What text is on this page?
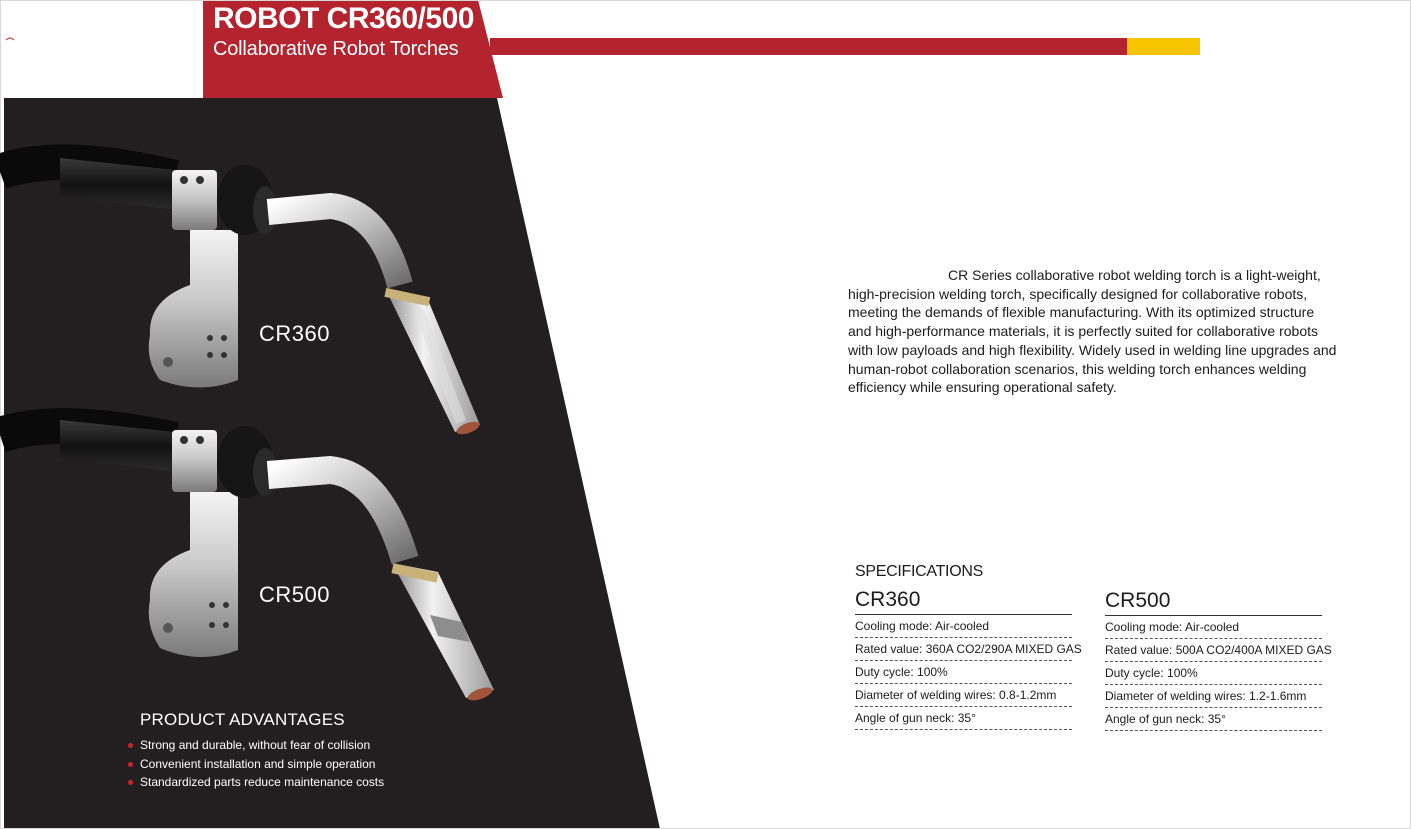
ROBOT CR360/500
Collaborative Robot Torches
CR360
CR500
PRODUCT ADVANTAGES
Strong and durable, without fear of collision
Convenient installation and simple operation
Standardized parts reduce maintenance costs
CR Series collaborative robot welding torch is a light-weight, high-precision welding torch, specifically designed for collaborative robots, meeting the demands of flexible manufacturing. With its optimized structure and high-performance materials, it is perfectly suited for collaborative robots with low payloads and high flexibility. Widely used in welding line upgrades and human-robot collaboration scenarios, this welding torch enhances welding efficiency while ensuring operational safety.
SPECIFICATIONS
CR360
Cooling mode: Air-cooled
Rated value: 360A CO2/290A MIXED GAS
Duty cycle: 100%
Diameter of welding wires: 0.8-1.2mm
Angle of gun neck: 35°
CR500
Cooling mode: Air-cooled
Rated value: 500A CO2/400A MIXED GAS
Duty cycle: 100%
Diameter of welding wires: 1.2-1.6mm
Angle of gun neck: 35°
